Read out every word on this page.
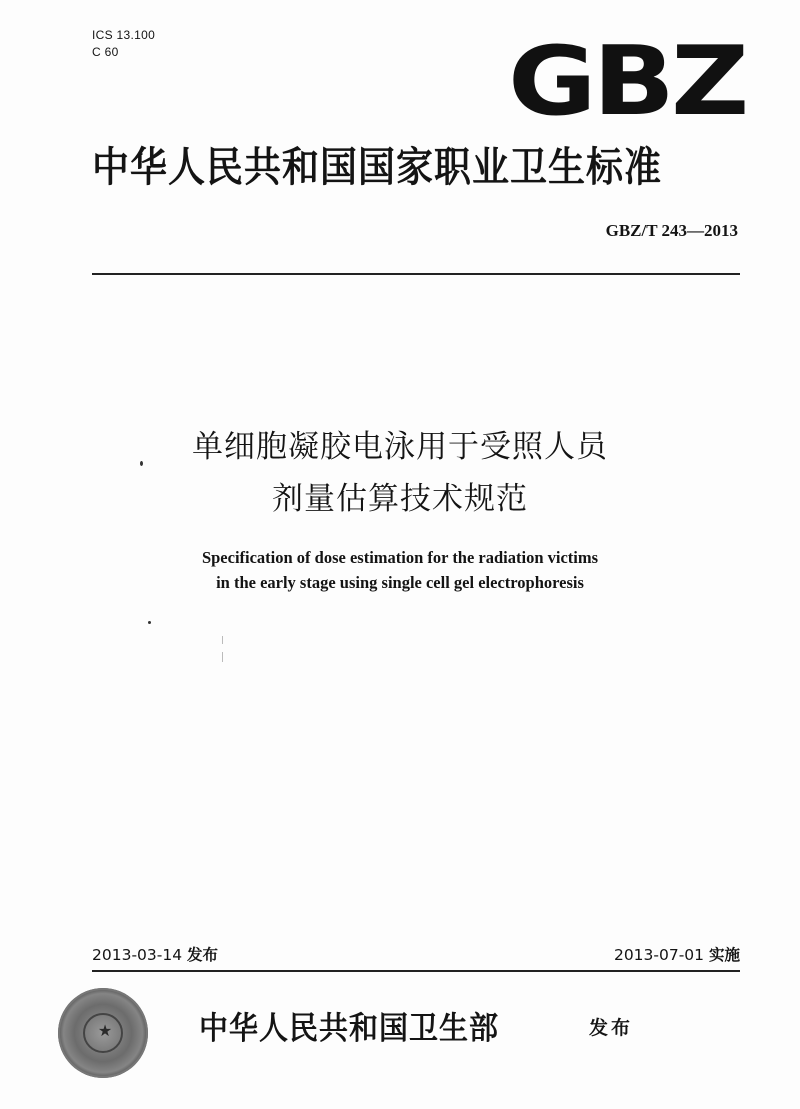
ICS 13.100
C 60	G B Z
中华人民共和国国家职业卫生标准
GBZ/T 243—2013
单细胞凝胶电泳用于受照人员
剂量估算技术规范
Specification of dose estimation for the radiation victims
in the early stage using single cell gel electrophoresis
2013-03-14 发布	2013-07-01 实施
★	中华人民共和国卫生部	发布
